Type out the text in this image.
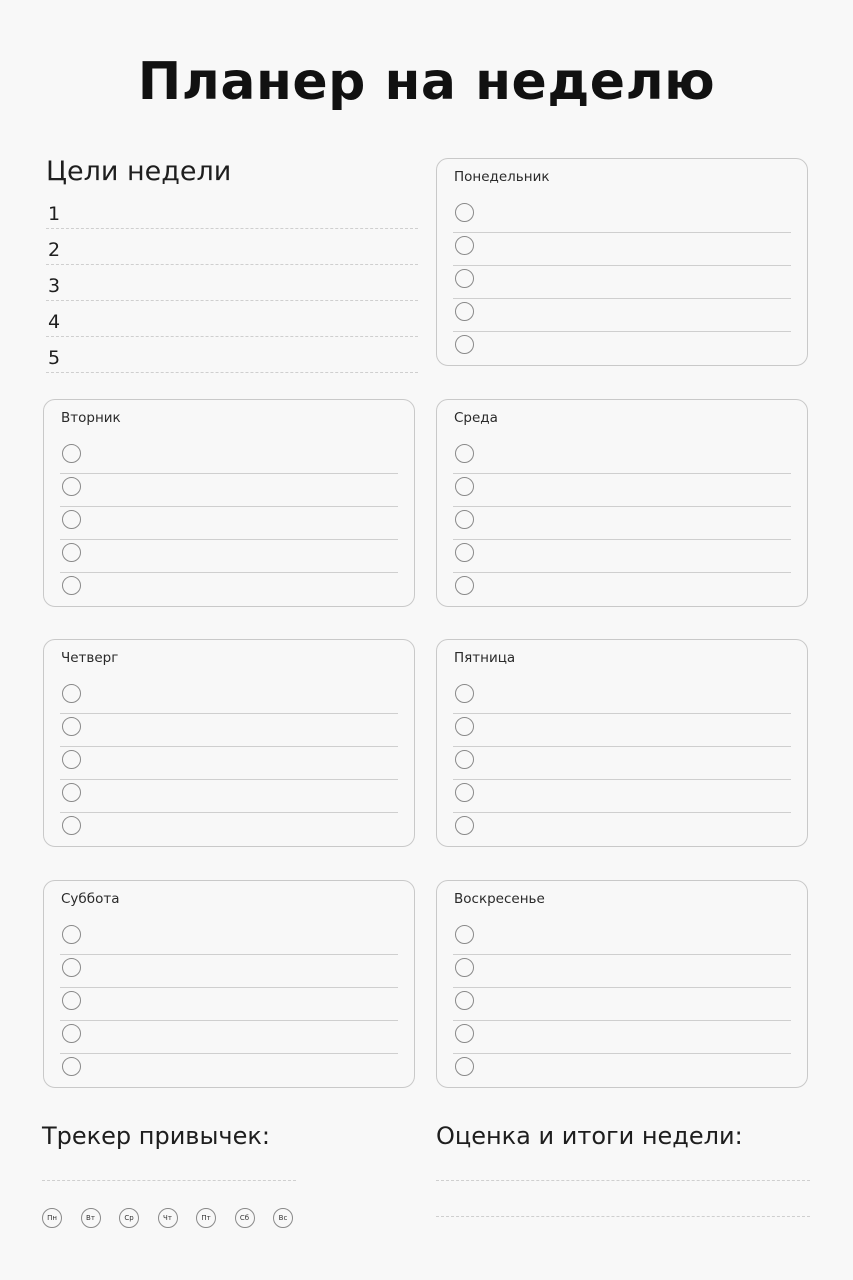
Планер на неделю
Цели недели
1
2
3
4
5
Понедельник
Вторник	Среда
Четверг	Пятница
Суббота	Воскресенье
Трекер привычек:
Пн	Вт	Ср	Чт	Пт	Сб	Вс
Оценка и итоги недели:
